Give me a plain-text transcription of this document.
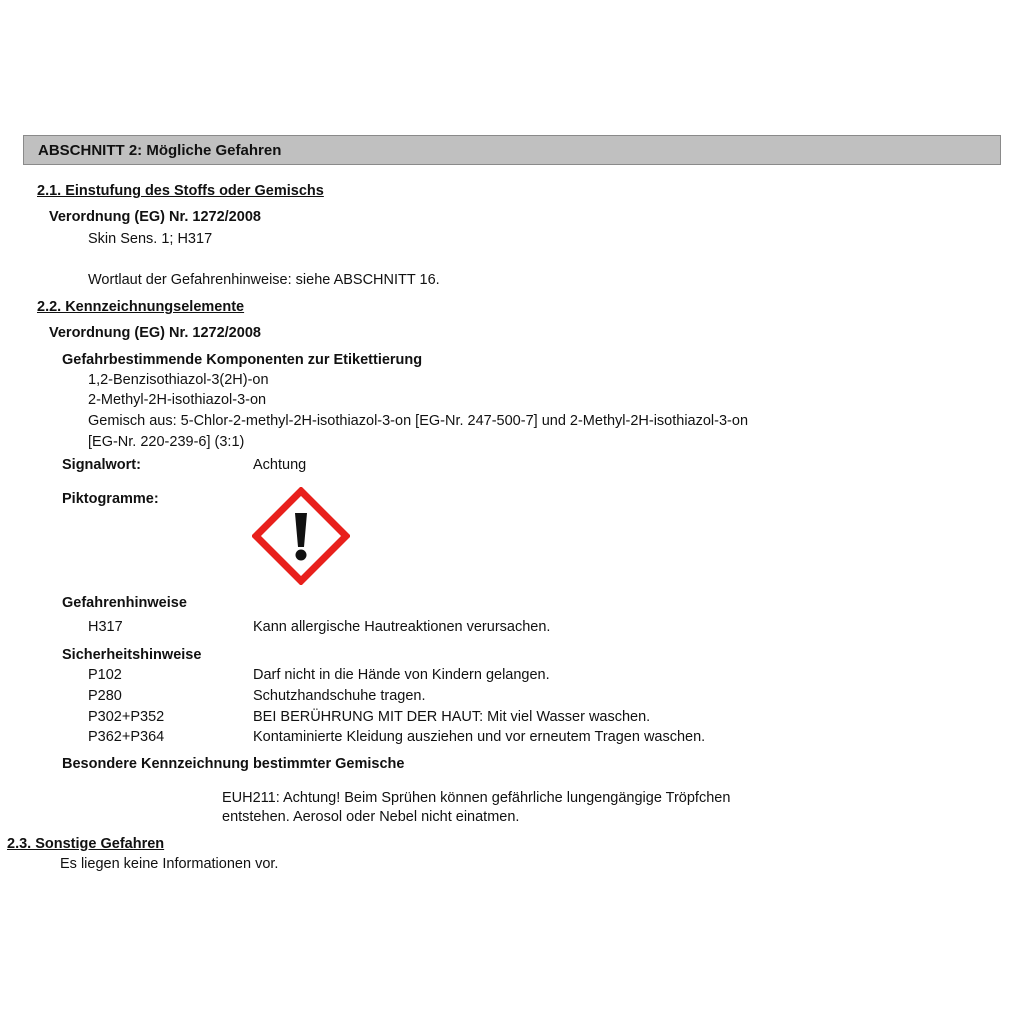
ABSCHNITT 2: Mögliche Gefahren
2.1. Einstufung des Stoffs oder Gemischs
Verordnung (EG) Nr. 1272/2008
Skin Sens. 1; H317
Wortlaut der Gefahrenhinweise: siehe ABSCHNITT 16.
2.2. Kennzeichnungselemente
Verordnung (EG) Nr. 1272/2008
Gefahrbestimmende Komponenten zur Etikettierung
1,2-Benzisothiazol-3(2H)-on
2-Methyl-2H-isothiazol-3-on
Gemisch aus: 5-Chlor-2-methyl-2H-isothiazol-3-on [EG-Nr. 247-500-7] und 2-Methyl-2H-isothiazol-3-on
[EG-Nr. 220-239-6] (3:1)
Signalwort:	Achtung
Piktogramme:
Gefahrenhinweise
H317	Kann allergische Hautreaktionen verursachen.
Sicherheitshinweise
P102	Darf nicht in die Hände von Kindern gelangen.
P280	Schutzhandschuhe tragen.
P302+P352	BEI BERÜHRUNG MIT DER HAUT: Mit viel Wasser waschen.
P362+P364	Kontaminierte Kleidung ausziehen und vor erneutem Tragen waschen.
Besondere Kennzeichnung bestimmter Gemische
EUH211: Achtung! Beim Sprühen können gefährliche lungengängige Tröpfchen
entstehen. Aerosol oder Nebel nicht einatmen.
2.3. Sonstige Gefahren
Es liegen keine Informationen vor.
